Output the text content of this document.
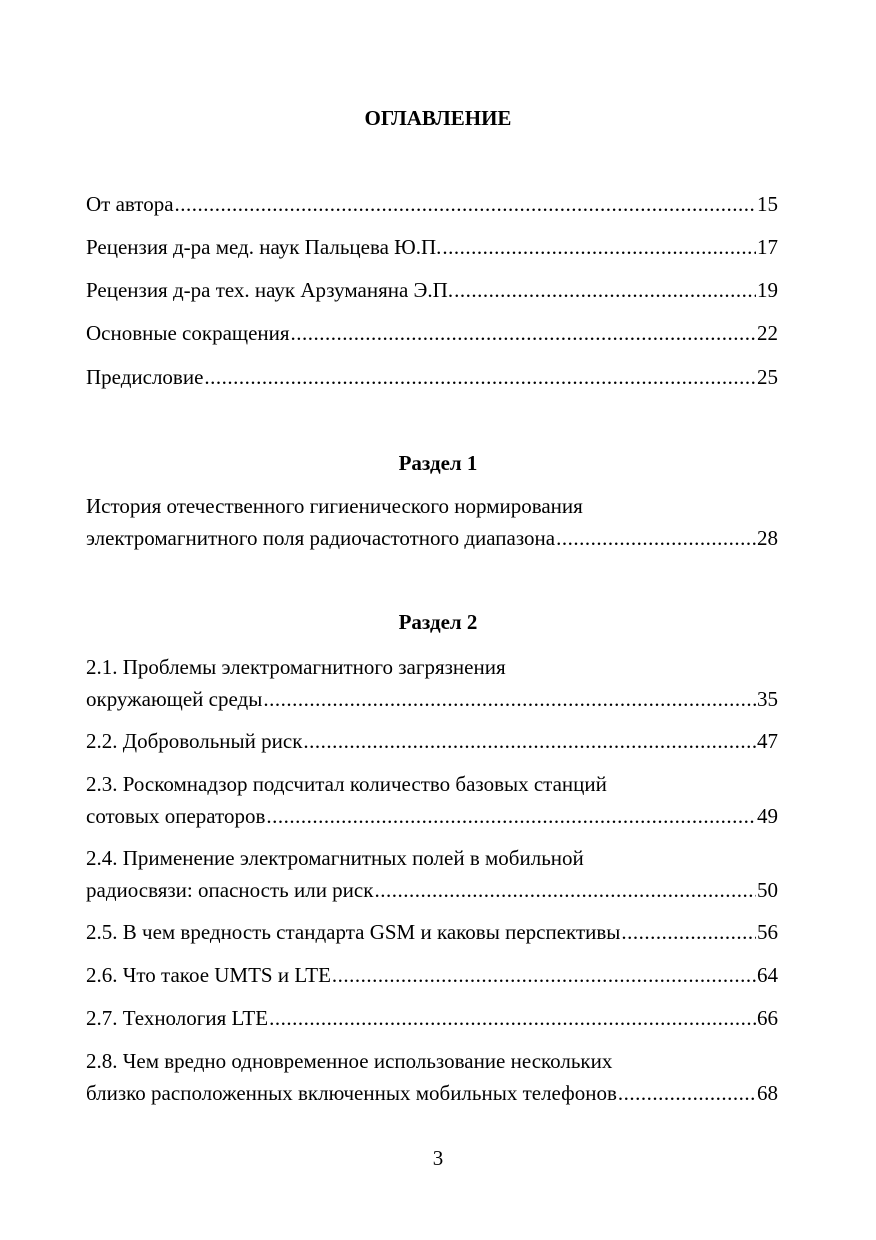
ОГЛАВЛЕНИЕ
От автора .....	15
Рецензия д-ра мед. наук Пальцева Ю.П. .....	17
Рецензия д-ра тех. наук Арзуманяна Э.П. .....	19
Основные сокращения .....	22
Предисловие .....	25
Раздел 1
История отечественного гигиенического нормирования
электромагнитного поля радиочастотного диапазона .....	28
Раздел 2
2.1. Проблемы электромагнитного загрязнения
окружающей среды .....	35
2.2. Добровольный риск .....	47
2.3. Роскомнадзор подсчитал количество базовых станций
сотовых операторов .....	49
2.4. Применение электромагнитных полей в мобильной
радиосвязи: опасность или риск .....	50
2.5. В чем вредность стандарта GSM и каковы перспективы .....	56
2.6. Что такое UMTS и LTE .....	64
2.7. Технология LTE .....	66
2.8. Чем вредно одновременное использование нескольких
близко расположенных включенных мобильных телефонов .....	68
3
